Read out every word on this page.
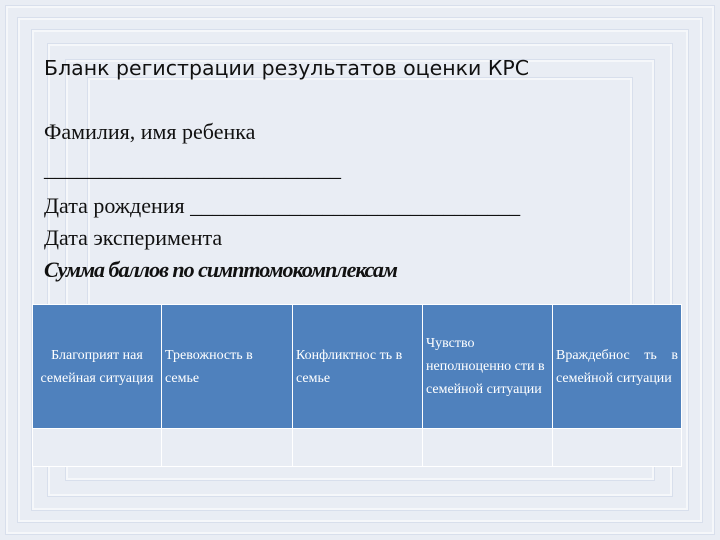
Бланк регистрации результатов оценки КРС
Фамилия, имя ребенка
___________________________
Дата рождения ______________________________
Дата эксперимента
Сумма баллов по симптомокомплексам
Благоприят ная семейная ситуация	Тревожность в семье	Конфликтнос ть в семье	Чувство неполноценно сти в семейной ситуации	Враждебнос ть в семейной ситуации
